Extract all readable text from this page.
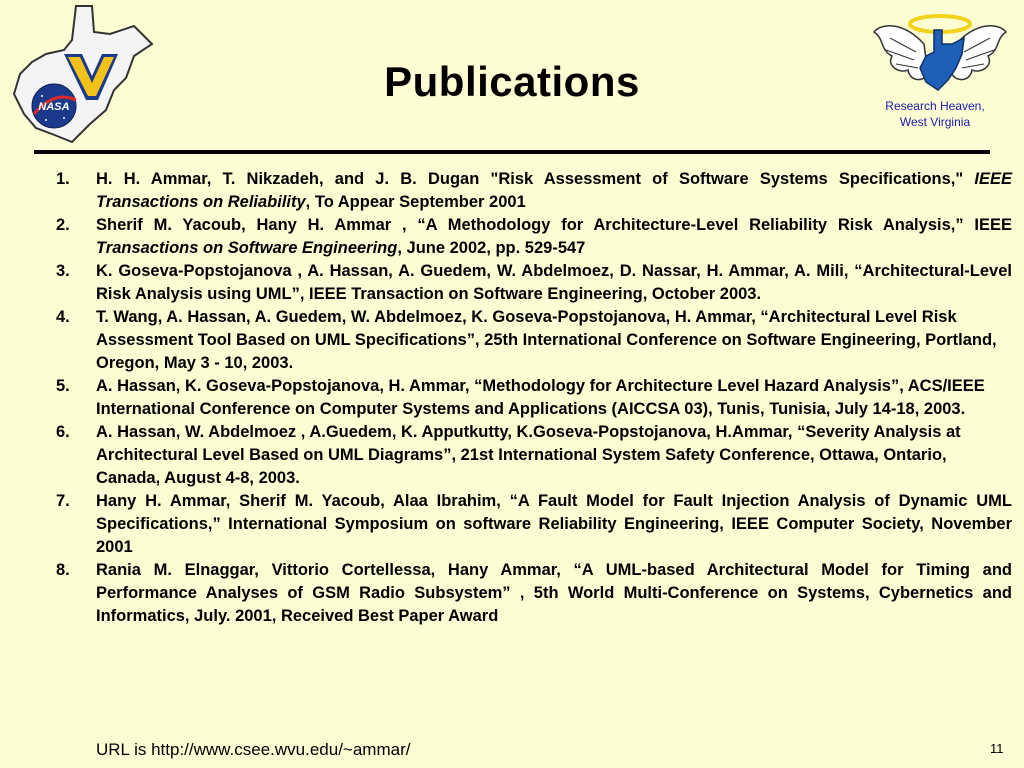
NASA	Research Heaven,
West Virginia
Publications
1. H. H. Ammar, T. Nikzadeh, and J. B. Dugan "Risk Assessment of Software Systems Specifications," IEEE Transactions on Reliability, To Appear September 2001
2. Sherif M. Yacoub, Hany H. Ammar , “A Methodology for Architecture-Level Reliability Risk Analysis,” IEEE Transactions on Software Engineering, June 2002, pp. 529-547
3. K. Goseva-Popstojanova , A. Hassan, A. Guedem, W. Abdelmoez, D. Nassar, H. Ammar, A. Mili, “Architectural-Level Risk Analysis using UML”, IEEE Transaction on Software Engineering, October 2003.
4. T. Wang, A. Hassan, A. Guedem, W. Abdelmoez, K. Goseva-Popstojanova, H. Ammar, “Architectural Level Risk Assessment Tool Based on UML Specifications”, 25th International Conference on Software Engineering, Portland, Oregon, May 3 - 10, 2003.
5. A. Hassan, K. Goseva-Popstojanova, H. Ammar, “Methodology for Architecture Level Hazard Analysis”, ACS/IEEE International Conference on Computer Systems and Applications (AICCSA 03), Tunis, Tunisia, July 14-18, 2003.
6. A. Hassan, W. Abdelmoez , A.Guedem, K. Apputkutty, K.Goseva-Popstojanova, H.Ammar, “Severity Analysis at Architectural Level Based on UML Diagrams”, 21st International System Safety Conference, Ottawa, Ontario, Canada, August 4-8, 2003.
7. Hany H. Ammar, Sherif M. Yacoub, Alaa Ibrahim, “A Fault Model for Fault Injection Analysis of Dynamic UML Specifications,” International Symposium on software Reliability Engineering, IEEE Computer Society, November 2001
8. Rania M. Elnaggar, Vittorio Cortellessa, Hany Ammar, “A UML-based Architectural Model for Timing and Performance Analyses of GSM Radio Subsystem” , 5th World Multi-Conference on Systems, Cybernetics and Informatics, July. 2001, Received Best Paper Award
URL is http://www.csee.wvu.edu/~ammar/	11
